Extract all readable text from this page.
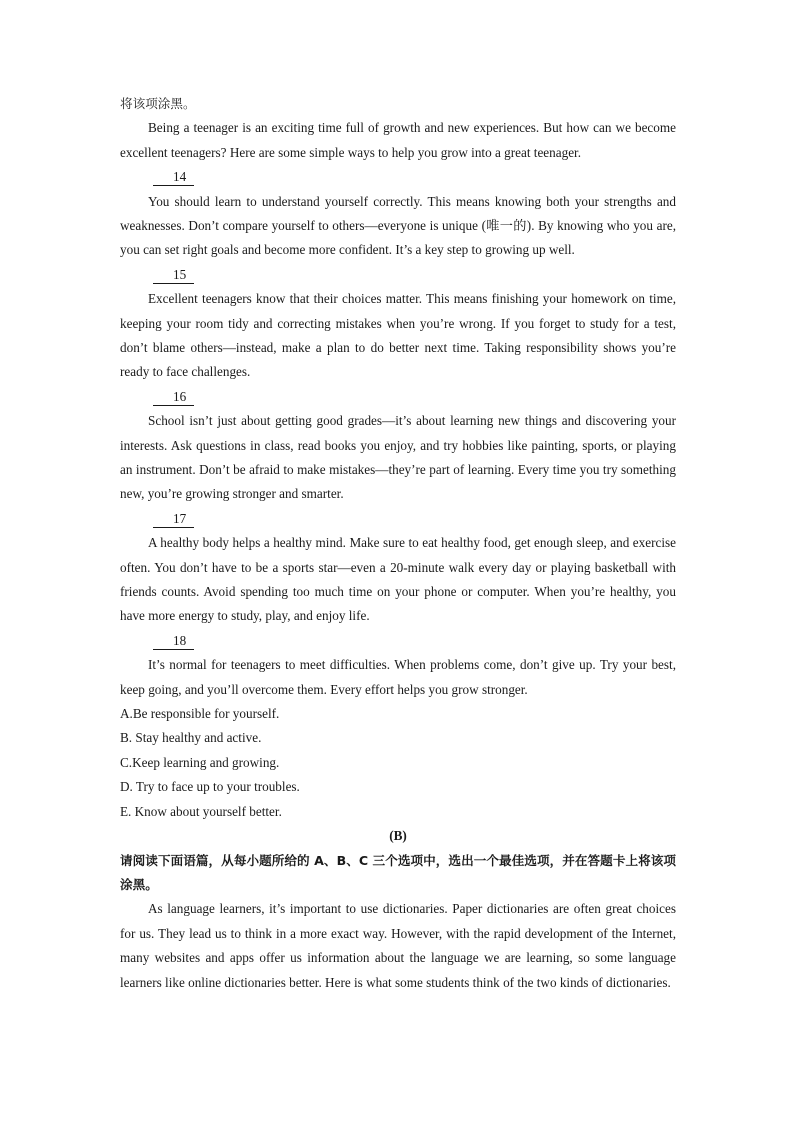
将该项涂黑。

Being a teenager is an exciting time full of growth and new experiences. But how can we become excellent teenagers? Here are some simple ways to help you grow into a great teenager.

14

You should learn to understand yourself correctly. This means knowing both your strengths and weaknesses. Don’t compare yourself to others—everyone is unique (唯一的). By knowing who you are, you can set right goals and become more confident. It’s a key step to growing up well.

15

Excellent teenagers know that their choices matter. This means finishing your homework on time, keeping your room tidy and correcting mistakes when you’re wrong. If you forget to study for a test, don’t blame others—instead, make a plan to do better next time. Taking responsibility shows you’re ready to face challenges.

16

School isn’t just about getting good grades—it’s about learning new things and discovering your interests. Ask questions in class, read books you enjoy, and try hobbies like painting, sports, or playing an instrument. Don’t be afraid to make mistakes—they’re part of learning. Every time you try something new, you’re growing stronger and smarter.

17

A healthy body helps a healthy mind. Make sure to eat healthy food, get enough sleep, and exercise often. You don’t have to be a sports star—even a 20-minute walk every day or playing basketball with friends counts. Avoid spending too much time on your phone or computer. When you’re healthy, you have more energy to study, play, and enjoy life.

18

It’s normal for teenagers to meet difficulties. When problems come, don’t give up. Try your best, keep going, and you’ll overcome them. Every effort helps you grow stronger.

A.Be responsible for yourself.

B. Stay healthy and active.

C.Keep learning and growing.

D. Try to face up to your troubles.

E. Know about yourself better.

(B)

请阅读下面语篇，从每小题所给的 A、B、C 三个选项中，选出一个最佳选项，并在答题卡上将该项涂黑。

As language learners, it’s important to use dictionaries. Paper dictionaries are often great choices for us. They lead us to think in a more exact way. However, with the rapid development of the Internet, many websites and apps offer us information about the language we are learning, so some language learners like online dictionaries better. Here is what some students think of the two kinds of dictionaries.
